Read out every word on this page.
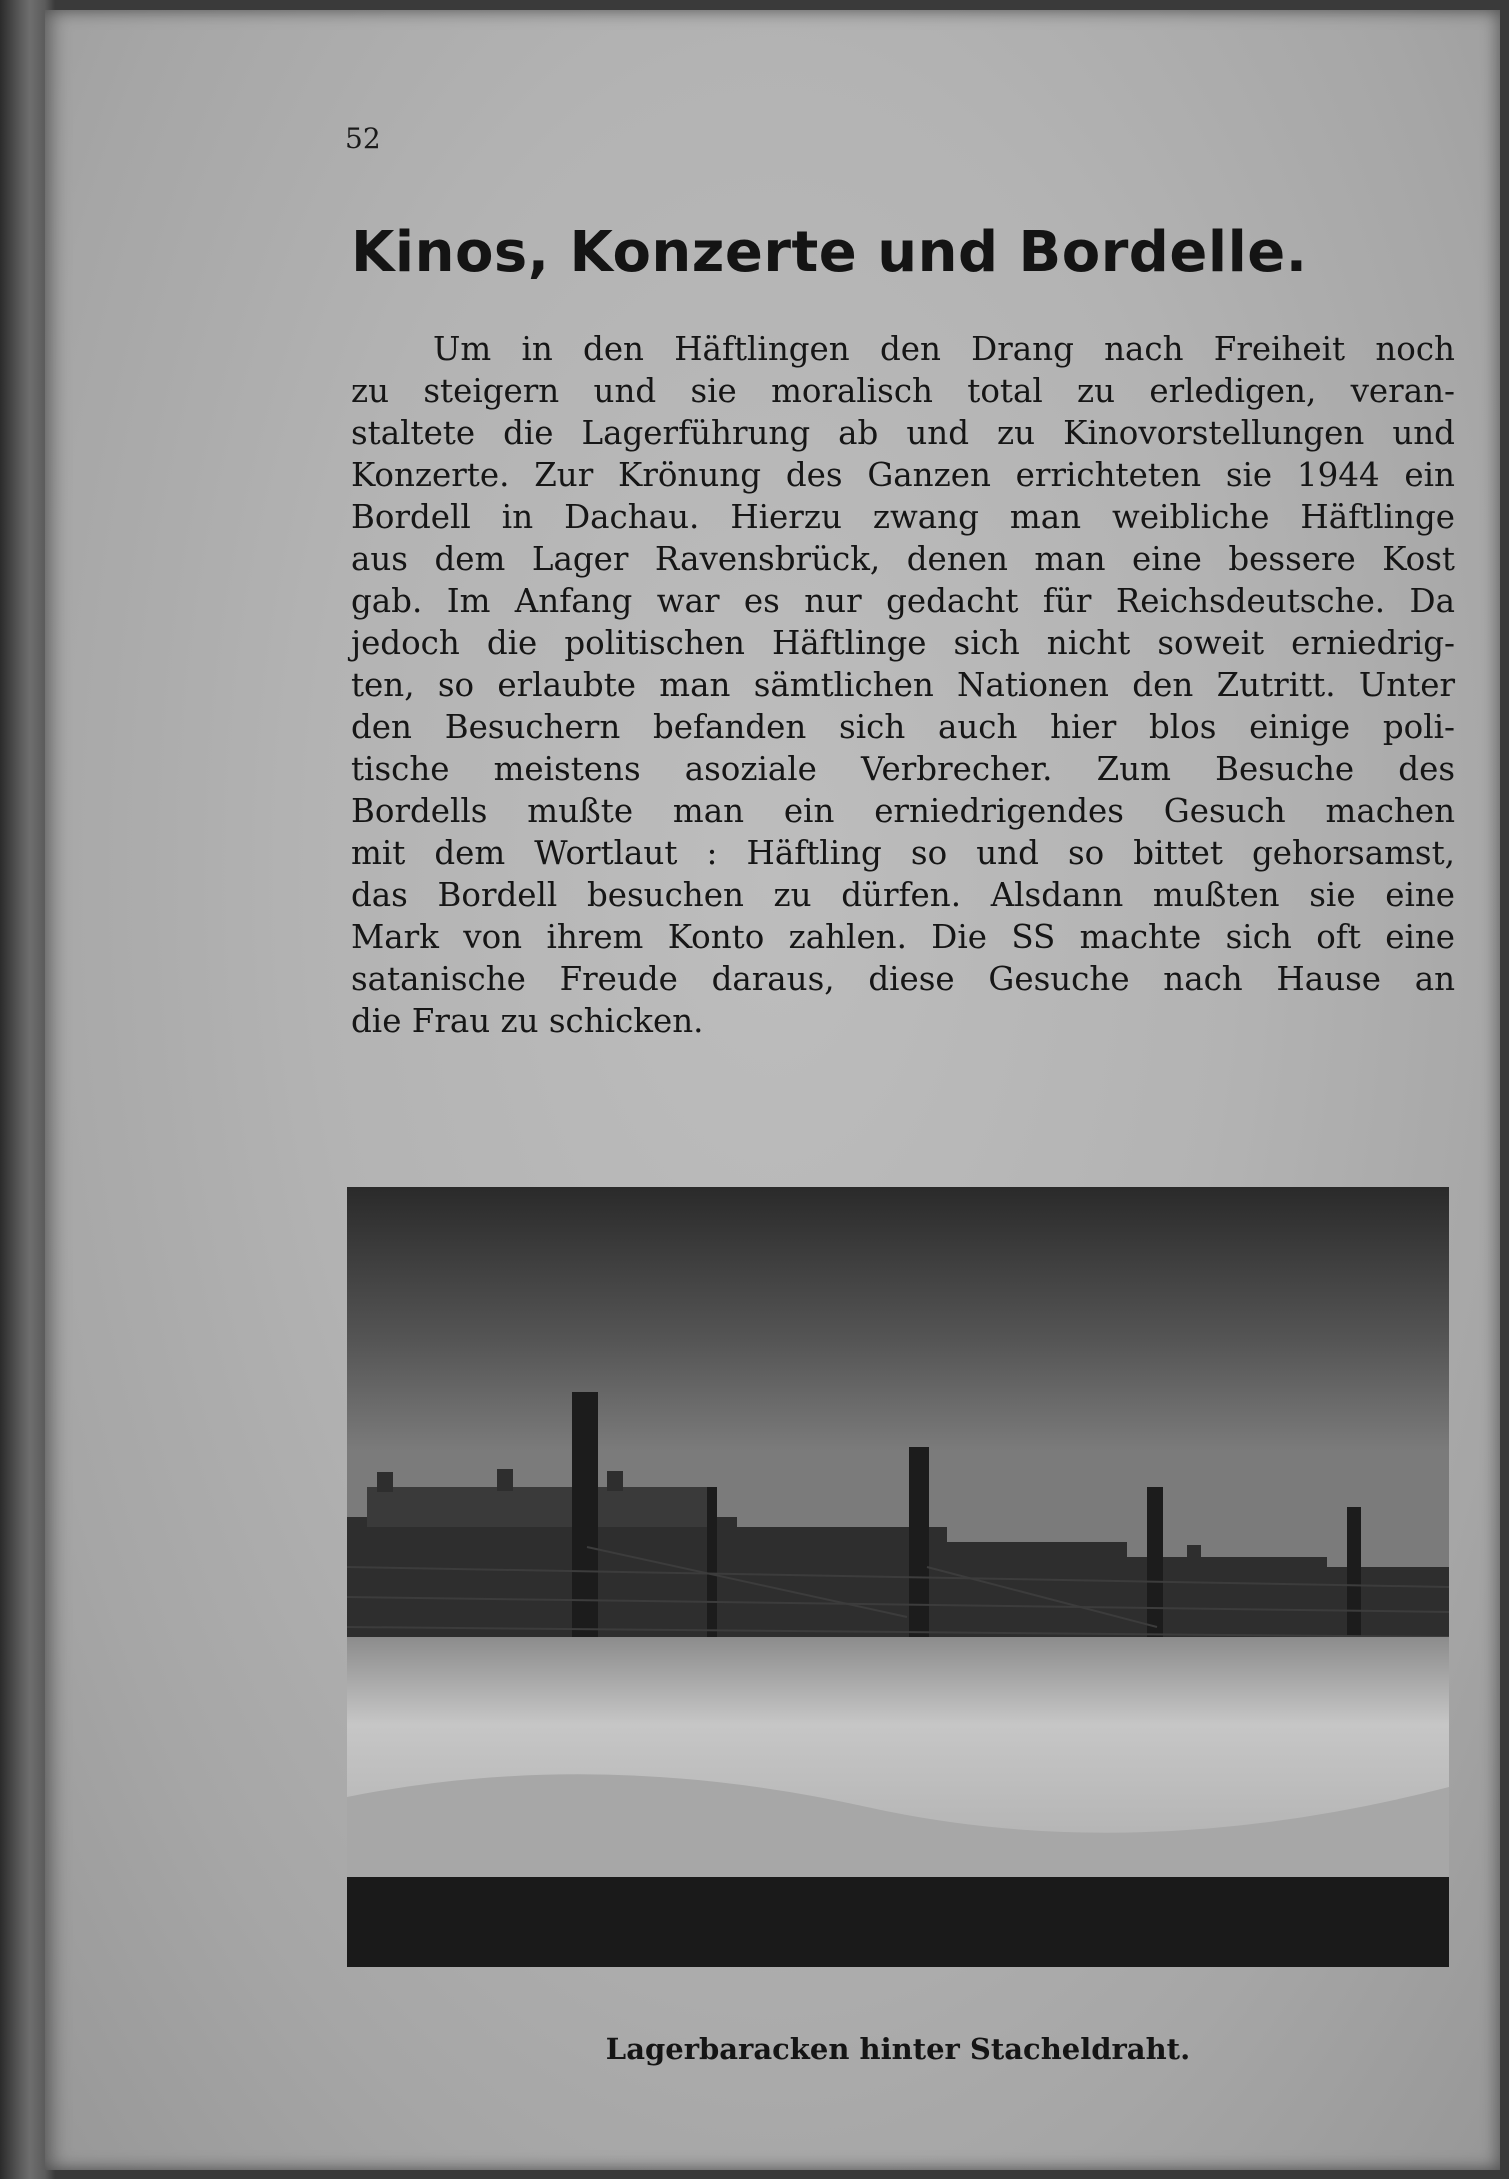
52
Kinos, Konzerte und Bordelle.
Um in den Häftlingen den Drang nach Freiheit noch
zu steigern und sie moralisch total zu erledigen, veran-
staltete die Lagerführung ab und zu Kinovorstellungen und
Konzerte. Zur Krönung des Ganzen errichteten sie 1944 ein
Bordell in Dachau. Hierzu zwang man weibliche Häftlinge
aus dem Lager Ravensbrück, denen man eine bessere Kost
gab. Im Anfang war es nur gedacht für Reichsdeutsche. Da
jedoch die politischen Häftlinge sich nicht soweit erniedrig-
ten, so erlaubte man sämtlichen Nationen den Zutritt. Unter
den Besuchern befanden sich auch hier blos einige poli-
tische meistens asoziale Verbrecher. Zum Besuche des
Bordells mußte man ein erniedrigendes Gesuch machen
mit dem Wortlaut : Häftling so und so bittet gehorsamst,
das Bordell besuchen zu dürfen. Alsdann mußten sie eine
Mark von ihrem Konto zahlen. Die SS machte sich oft eine
satanische Freude daraus, diese Gesuche nach Hause an
die Frau zu schicken.
Lagerbaracken hinter Stacheldraht.
